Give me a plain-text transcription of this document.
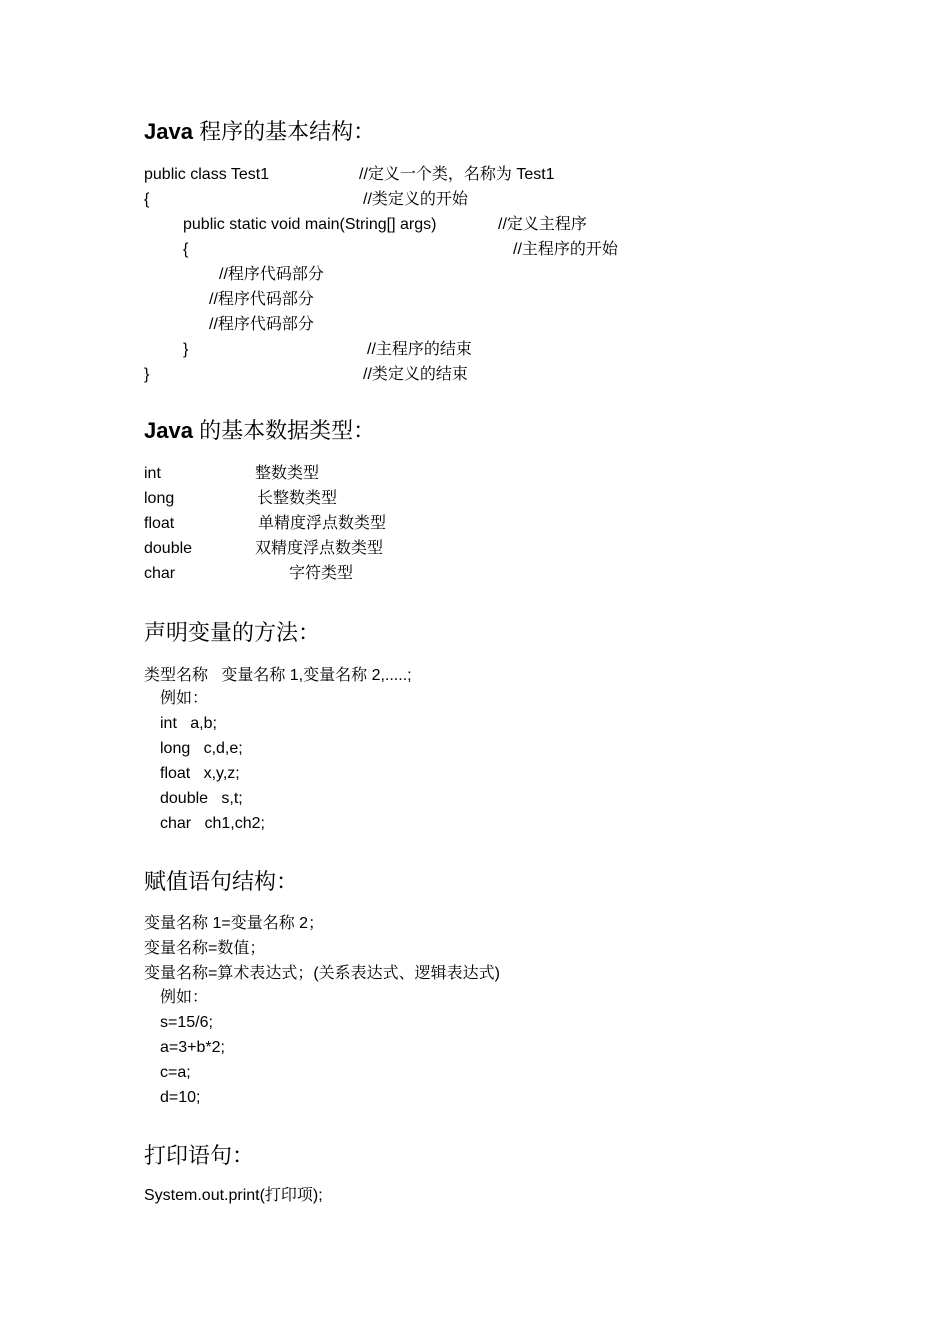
Java 程序的基本结构：
public class Test1	//定义一个类，名称为 Test1
{	//类定义的开始
public static void main(String[] args)	//定义主程序
{	//主程序的开始
//程序代码部分
//程序代码部分
//程序代码部分
}	//主程序的结束
}	//类定义的结束
Java 的基本数据类型：
int	整数类型
long	长整数类型
float	单精度浮点数类型
double	双精度浮点数类型
char	字符类型
声明变量的方法：
类型名称   变量名称 1,变量名称 2,.....;
例如：
int   a,b;
long   c,d,e;
float   x,y,z;
double   s,t;
char   ch1,ch2;
赋值语句结构：
变量名称 1=变量名称 2；
变量名称=数值；
变量名称=算术表达式；(关系表达式、逻辑表达式)
例如：
s=15/6;
a=3+b*2;
c=a;
d=10;
打印语句：
System.out.print(打印项);
